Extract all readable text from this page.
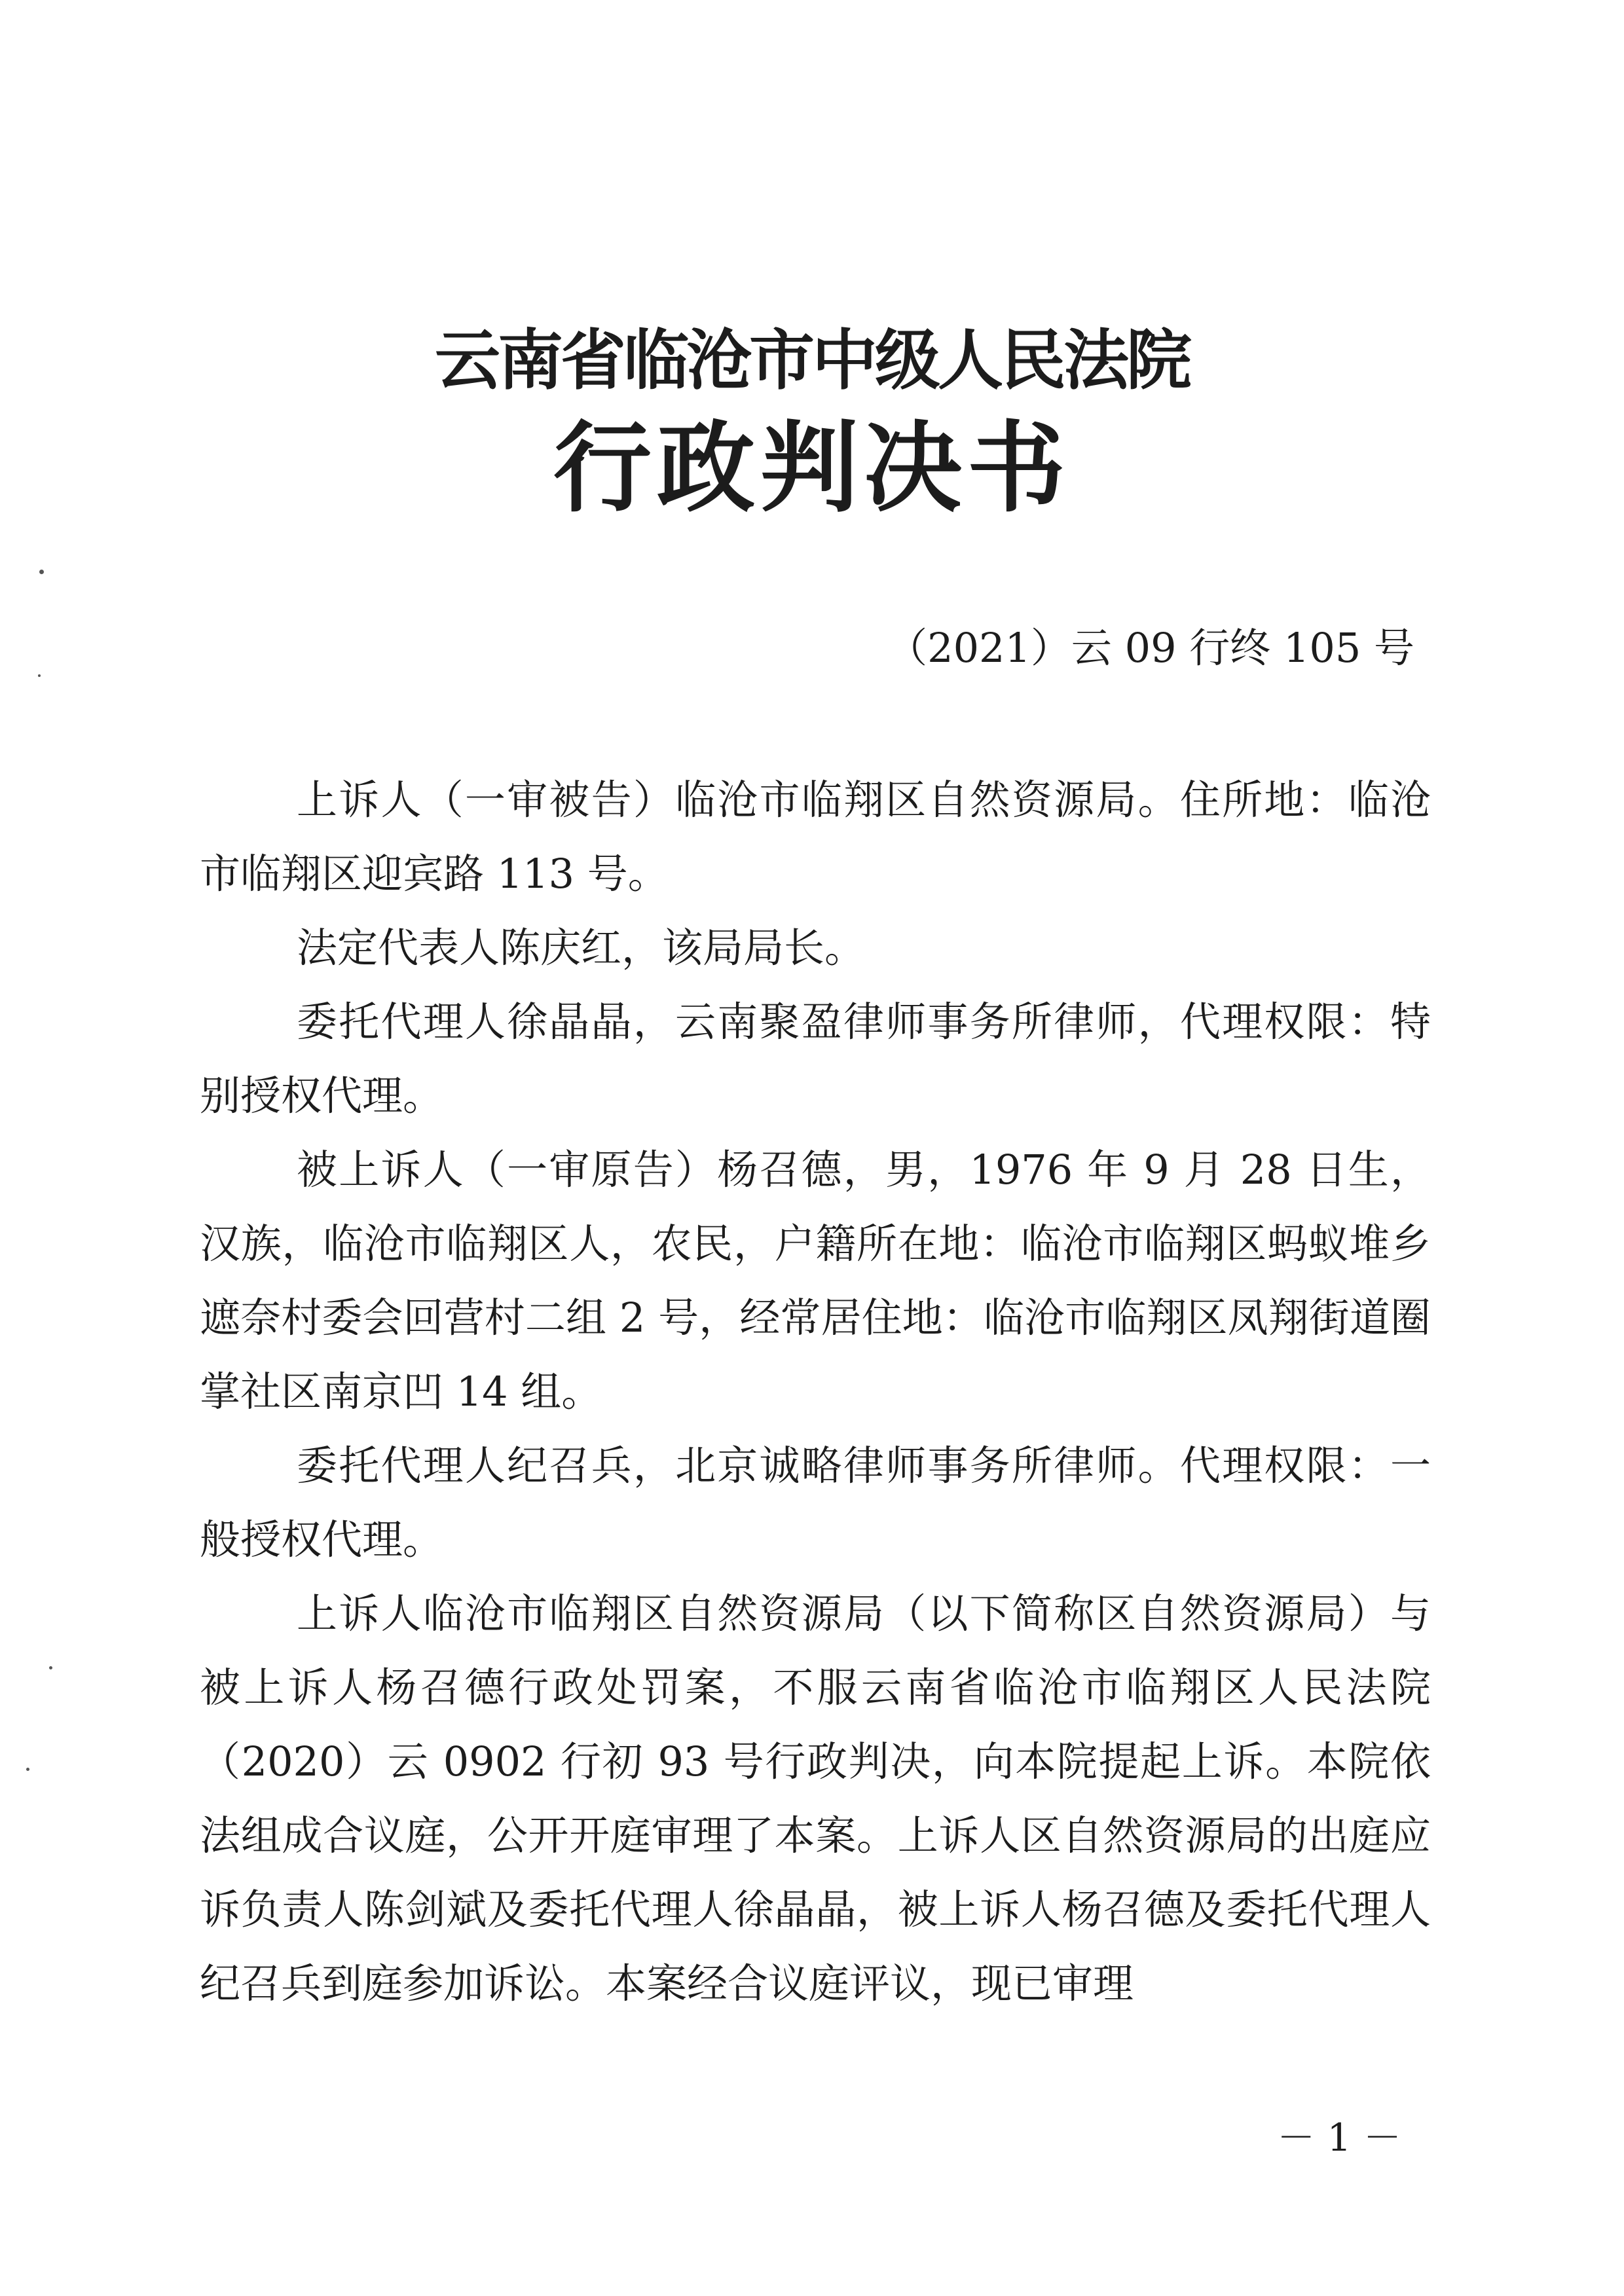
云南省临沧市中级人民法院
行政判决书
（2021）云 09 行终 105 号

上诉人（一审被告）临沧市临翔区自然资源局。住所地：临沧市临翔区迎宾路 113 号。

法定代表人陈庆红，该局局长。

委托代理人徐晶晶，云南聚盈律师事务所律师，代理权限：特别授权代理。

被上诉人（一审原告）杨召德，男，1976 年 9 月 28 日生，汉族，临沧市临翔区人，农民，户籍所在地：临沧市临翔区蚂蚁堆乡遮奈村委会回营村二组 2 号，经常居住地：临沧市临翔区凤翔街道圈掌社区南京凹 14 组。

委托代理人纪召兵，北京诚略律师事务所律师。代理权限：一般授权代理。

上诉人临沧市临翔区自然资源局（以下简称区自然资源局）与被上诉人杨召德行政处罚案，不服云南省临沧市临翔区人民法院（2020）云 0902 行初 93 号行政判决，向本院提起上诉。本院依法组成合议庭，公开开庭审理了本案。上诉人区自然资源局的出庭应诉负责人陈剑斌及委托代理人徐晶晶，被上诉人杨召德及委托代理人纪召兵到庭参加诉讼。本案经合议庭评议，现已审理

－ 1 －
